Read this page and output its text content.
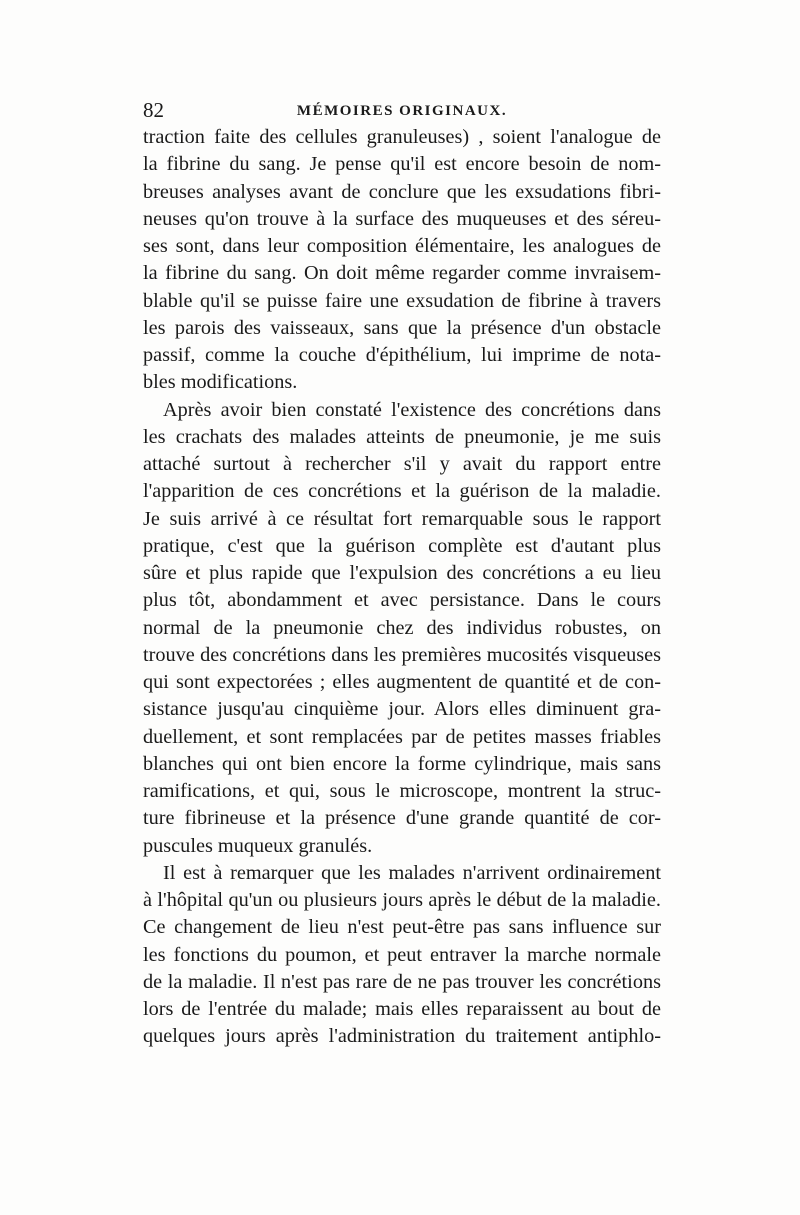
82	MÉMOIRES ORIGINAUX.
traction faite des cellules granuleuses) , soient l'analogue de
la fibrine du sang. Je pense qu'il est encore besoin de nom-
breuses analyses avant de conclure que les exsudations fibri-
neuses qu'on trouve à la surface des muqueuses et des séreu-
ses sont, dans leur composition élémentaire, les analogues de
la fibrine du sang. On doit même regarder comme invraisem-
blable qu'il se puisse faire une exsudation de fibrine à travers
les parois des vaisseaux, sans que la présence d'un obstacle
passif, comme la couche d'épithélium, lui imprime de nota-
bles modifications.
Après avoir bien constaté l'existence des concrétions dans
les crachats des malades atteints de pneumonie, je me suis
attaché surtout à rechercher s'il y avait du rapport entre
l'apparition de ces concrétions et la guérison de la maladie.
Je suis arrivé à ce résultat fort remarquable sous le rapport
pratique, c'est que la guérison complète est d'autant plus
sûre et plus rapide que l'expulsion des concrétions a eu lieu
plus tôt, abondamment et avec persistance. Dans le cours
normal de la pneumonie chez des individus robustes, on
trouve des concrétions dans les premières mucosités visqueuses
qui sont expectorées ; elles augmentent de quantité et de con-
sistance jusqu'au cinquième jour. Alors elles diminuent gra-
duellement, et sont remplacées par de petites masses friables
blanches qui ont bien encore la forme cylindrique, mais sans
ramifications, et qui, sous le microscope, montrent la struc-
ture fibrineuse et la présence d'une grande quantité de cor-
puscules muqueux granulés.
Il est à remarquer que les malades n'arrivent ordinairement
à l'hôpital qu'un ou plusieurs jours après le début de la maladie.
Ce changement de lieu n'est peut-être pas sans influence sur
les fonctions du poumon, et peut entraver la marche normale
de la maladie. Il n'est pas rare de ne pas trouver les concrétions
lors de l'entrée du malade; mais elles reparaissent au bout de
quelques jours après l'administration du traitement antiphlo-
